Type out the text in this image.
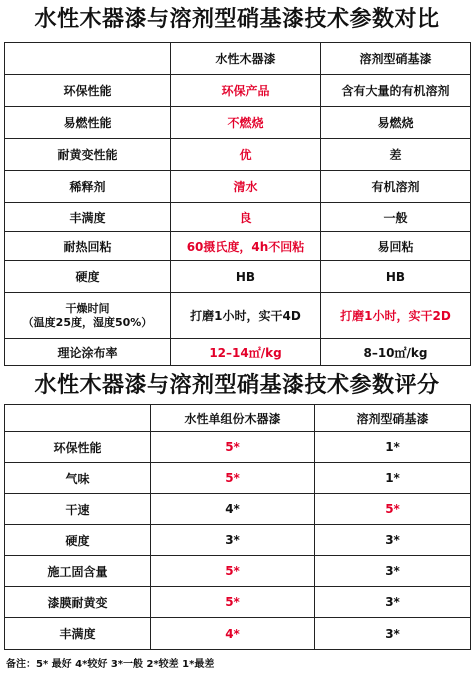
水性木器漆与溶剂型硝基漆技术参数对比
	水性木器漆	溶剂型硝基漆
环保性能	环保产品	含有大量的有机溶剂
易燃性能	不燃烧	易燃烧
耐黄变性能	优	差
稀释剂	清水	有机溶剂
丰满度	良	一般
耐热回粘	60摄氏度，4h不回粘	易回粘
硬度	HB	HB

干燥时间
（温度25度，湿度50%）	打磨1小时，实干4D	打磨1小时，实干2D
理论涂布率	12–14㎡/kg	8–10㎡/kg
水性木器漆与溶剂型硝基漆技术参数评分
	水性单组份木器漆	溶剂型硝基漆
环保性能	5*	1*
气味	5*	1*
干速	4*	5*
硬度	3*	3*
施工固含量	5*	3*
漆膜耐黄变	5*	3*
丰满度	4*	3*
备注：5* 最好 4*较好 3*一般 2*较差 1*最差
